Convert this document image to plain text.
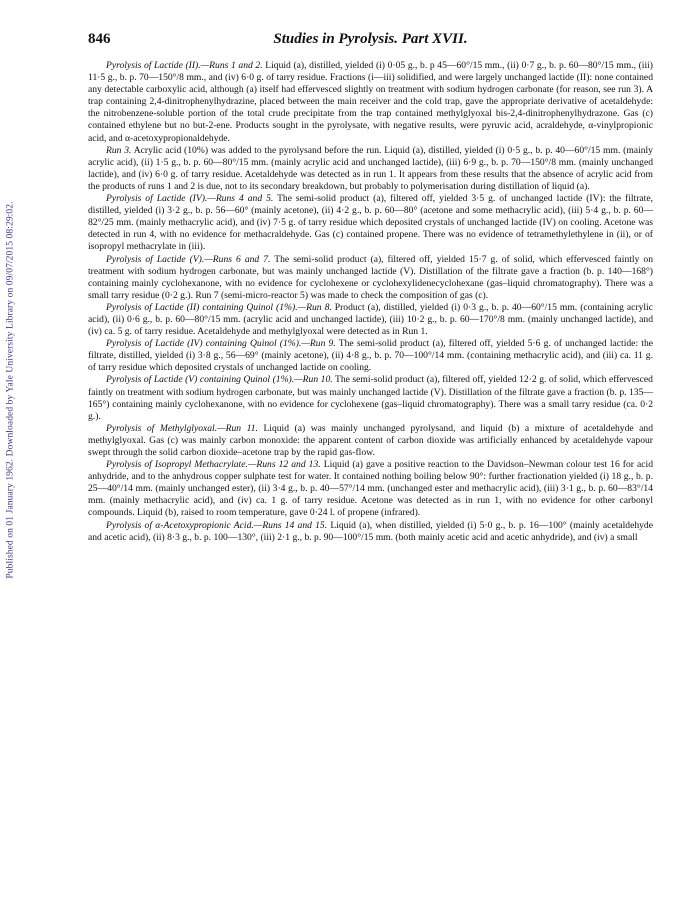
Published on 01 January 1962. Downloaded by Yale University Library on 09/07/2015 08:29:02.
846	Studies in Pyrolysis. Part XVII.

Pyrolysis of Lactide (II).—Runs 1 and 2. Liquid (a), distilled, yielded (i) 0·05 g., b. p 45—60°/15 mm., (ii) 0·7 g., b. p. 60—80°/15 mm., (iii) 11·5 g., b. p. 70—150°/8 mm., and (iv) 6·0 g. of tarry residue. Fractions (i—iii) solidified, and were largely unchanged lactide (II): none contained any detectable carboxylic acid, although (a) itself had effervesced slightly on treatment with sodium hydrogen carbonate (for reason, see run 3). A trap containing 2,4-dinitrophenylhydrazine, placed between the main receiver and the cold trap, gave the appropriate derivative of acetaldehyde: the nitrobenzene-soluble portion of the total crude precipitate from the trap contained methylglyoxal bis-2,4-dinitrophenylhydrazone. Gas (c) contained ethylene but no but-2-ene. Products sought in the pyrolysate, with negative results, were pyruvic acid, acraldehyde, α-vinylpropionic acid, and α-acetoxypropionaldehyde.

Run 3. Acrylic acid (10%) was added to the pyrolysand before the run. Liquid (a), distilled, yielded (i) 0·5 g., b. p. 40—60°/15 mm. (mainly acrylic acid), (ii) 1·5 g., b. p. 60—80°/15 mm. (mainly acrylic acid and unchanged lactide), (iii) 6·9 g., b. p. 70—150°/8 mm. (mainly unchanged lactide), and (iv) 6·0 g. of tarry residue. Acetaldehyde was detected as in run 1. It appears from these results that the absence of acrylic acid from the products of runs 1 and 2 is due, not to its secondary breakdown, but probably to polymerisation during distillation of liquid (a).

Pyrolysis of Lactide (IV).—Runs 4 and 5. The semi-solid product (a), filtered off, yielded 3·5 g. of unchanged lactide (IV): the filtrate, distilled, yielded (i) 3·2 g., b. p. 56—60° (mainly acetone), (ii) 4·2 g., b. p. 60—80° (acetone and some methacrylic acid), (iii) 5·4 g., b. p. 60—82°/25 mm. (mainly methacrylic acid), and (iv) 7·5 g. of tarry residue which deposited crystals of unchanged lactide (IV) on cooling. Acetone was detected in run 4, with no evidence for methacraldehyde. Gas (c) contained propene. There was no evidence of tetramethylethylene in (ii), or of isopropyl methacrylate in (iii).

Pyrolysis of Lactide (V).—Runs 6 and 7. The semi-solid product (a), filtered off, yielded 15·7 g. of solid, which effervesced faintly on treatment with sodium hydrogen carbonate, but was mainly unchanged lactide (V). Distillation of the filtrate gave a fraction (b. p. 140—168°) containing mainly cyclohexanone, with no evidence for cyclohexene or cyclohexylidenecyclohexane (gas–liquid chromatography). There was a small tarry residue (0·2 g.). Run 7 (semi-micro-reactor 5) was made to check the composition of gas (c).

Pyrolysis of Lactide (II) containing Quinol (1%).—Run 8. Product (a), distilled, yielded (i) 0·3 g., b. p. 40—60°/15 mm. (containing acrylic acid), (ii) 0·6 g., b. p. 60—80°/15 mm. (acrylic acid and unchanged lactide), (iii) 10·2 g., b. p. 60—170°/8 mm. (mainly unchanged lactide), and (iv) ca. 5 g. of tarry residue. Acetaldehyde and methylglyoxal were detected as in Run 1.

Pyrolysis of Lactide (IV) containing Quinol (1%).—Run 9. The semi-solid product (a), filtered off, yielded 5·6 g. of unchanged lactide: the filtrate, distilled, yielded (i) 3·8 g., 56—69° (mainly acetone), (ii) 4·8 g., b. p. 70—100°/14 mm. (containing methacrylic acid), and (iii) ca. 11 g. of tarry residue which deposited crystals of unchanged lactide on cooling.

Pyrolysis of Lactide (V) containing Quinol (1%).—Run 10. The semi-solid product (a), filtered off, yielded 12·2 g. of solid, which effervesced faintly on treatment with sodium hydrogen carbonate, but was mainly unchanged lactide (V). Distillation of the filtrate gave a fraction (b. p. 135—165°) containing mainly cyclohexanone, with no evidence for cyclohexene (gas–liquid chromatography). There was a small tarry residue (ca. 0·2 g.).

Pyrolysis of Methylglyoxal.—Run 11. Liquid (a) was mainly unchanged pyrolysand, and liquid (b) a mixture of acetaldehyde and methylglyoxal. Gas (c) was mainly carbon monoxide: the apparent content of carbon dioxide was artificially enhanced by acetaldehyde vapour swept through the solid carbon dioxide–acetone trap by the rapid gas-flow.

Pyrolysis of Isopropyl Methacrylate.—Runs 12 and 13. Liquid (a) gave a positive reaction to the Davidson–Newman colour test 16 for acid anhydride, and to the anhydrous copper sulphate test for water. It contained nothing boiling below 90°: further fractionation yielded (i) 18 g., b. p. 25—40°/14 mm. (mainly unchanged ester), (ii) 3·4 g., b. p. 40—57°/14 mm. (unchanged ester and methacrylic acid), (iii) 3·1 g., b. p. 60—83°/14 mm. (mainly methacrylic acid), and (iv) ca. 1 g. of tarry residue. Acetone was detected as in run 1, with no evidence for other carbonyl compounds. Liquid (b), raised to room temperature, gave 0·24 l. of propene (infrared).

Pyrolysis of α-Acetoxypropionic Acid.—Runs 14 and 15. Liquid (a), when distilled, yielded (i) 5·0 g., b. p. 16—100° (mainly acetaldehyde and acetic acid), (ii) 8·3 g., b. p. 100—130°, (iii) 2·1 g., b. p. 90—100°/15 mm. (both mainly acetic acid and acetic anhydride), and (iv) a small
